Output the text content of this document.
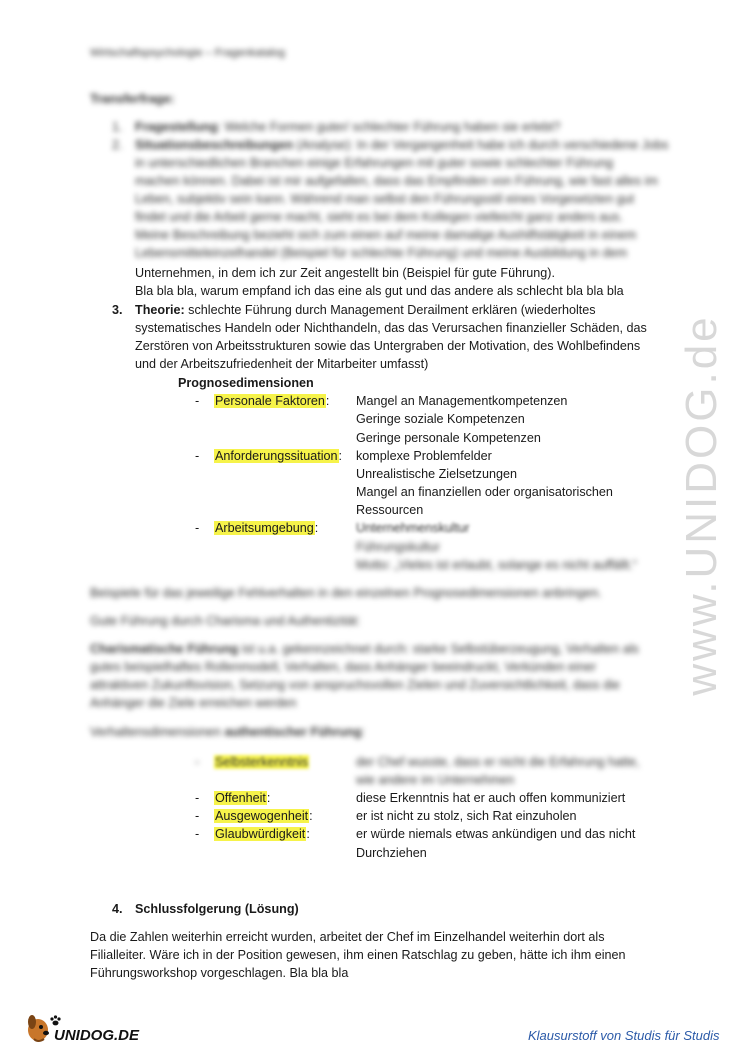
Wirtschaftspsychologie – Fragenkatalog
Transferfrage:
1. Fragestellung: Welche Formen guter/ schlechter Führung haben sie erlebt?
2. Situationsbeschreibungen (Analyse): In der Vergangenheit habe ich durch verschiedene Jobs
in unterschiedlichen Branchen einige Erfahrungen mit guter sowie schlechter Führung
machen können. Dabei ist mir aufgefallen, dass das Empfinden von Führung, wie fast alles im
Leben, subjektiv sein kann. Während man selbst den Führungsstil eines Vorgesetzten gut
findet und die Arbeit gerne macht, sieht es bei dem Kollegen vielleicht ganz anders aus.
Meine Beschreibung bezieht sich zum einen auf meine damalige Aushilfstätigkeit in einem
Lebensmitteleinzelhandel (Beispiel für schlechte Führung) und meine Ausbildung in dem
Unternehmen, in dem ich zur Zeit angestellt bin (Beispiel für gute Führung).
Bla bla bla, warum empfand ich das eine als gut und das andere als schlecht bla bla bla
3. Theorie: schlechte Führung durch Management Derailment erklären (wiederholtes
systematisches Handeln oder Nichthandeln, das das Verursachen finanzieller Schäden, das
Zerstören von Arbeitsstrukturen sowie das Untergraben der Motivation, des Wohlbefindens
und der Arbeitszufriedenheit der Mitarbeiter umfasst)
Prognosedimensionen
- Personale Faktoren: Mangel an Managementkompetenzen
Geringe soziale Kompetenzen
Geringe personale Kompetenzen
- Anforderungssituation: komplexe Problemfelder
Unrealistische Zielsetzungen
Mangel an finanziellen oder organisatorischen
Ressourcen
- Arbeitsumgebung:	Unternehmenskultur
Führungskultur
Motto: „Vieles ist erlaubt, solange es nicht auffällt.“
Beispiele für das jeweilige Fehlverhalten in den einzelnen Prognosedimensionen anbringen.
Gute Führung durch Charisma und Authentizität:
Charismatische Führung ist u.a. gekennzeichnet durch: starke Selbstüberzeugung, Verhalten als
gutes beispielhaftes Rollenmodell, Verhalten, dass Anhänger beeindruckt, Verkünden einer
attraktiven Zukunftsvision, Setzung von anspruchsvollen Zielen und Zuversichtlichkeit, dass die
Anhänger die Ziele erreichen werden
Verhaltensdimensionen authentischer Führung:
- Selbsterkenntnis	der Chef wusste, dass er nicht die Erfahrung hatte,
wie andere im Unternehmen
- Offenheit:	diese Erkenntnis hat er auch offen kommuniziert
- Ausgewogenheit:	er ist nicht zu stolz, sich Rat einzuholen
- Glaubwürdigkeit:	er würde niemals etwas ankündigen und das nicht
Durchziehen
4. Schlussfolgerung (Lösung)
Da die Zahlen weiterhin erreicht wurden, arbeitet der Chef im Einzelhandel weiterhin dort als
Filialleiter. Wäre ich in der Position gewesen, ihm einen Ratschlag zu geben, hätte ich ihm einen
Führungsworkshop vorgeschlagen. Bla bla bla
www.UNIDOG.de
UNIDOG.DE	Klausurstoff von Studis für Studis
